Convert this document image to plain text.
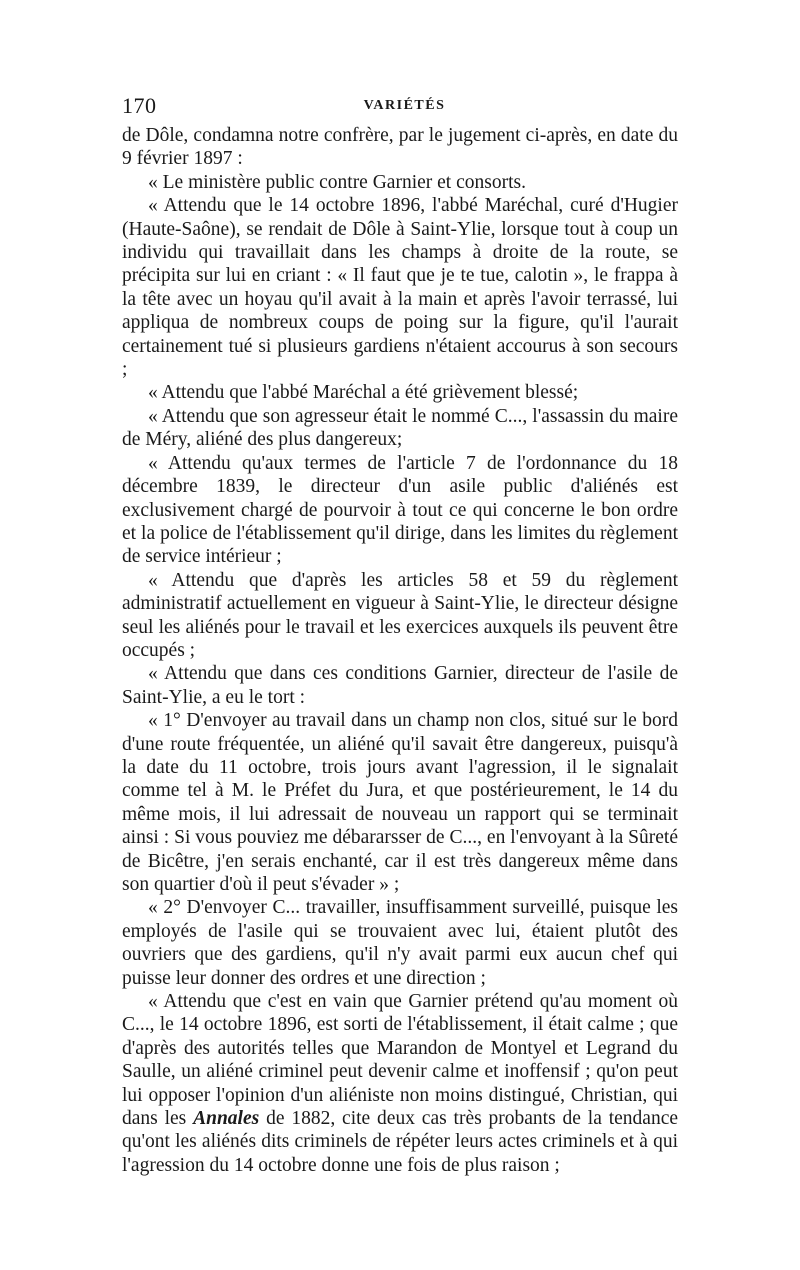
170	VARIÉTÉS

de Dôle, condamna notre confrère, par le jugement ci-après, en date du 9 février 1897 :

« Le ministère public contre Garnier et consorts.

« Attendu que le 14 octobre 1896, l'abbé Maréchal, curé d'Hugier (Haute-Saône), se rendait de Dôle à Saint-Ylie, lorsque tout à coup un individu qui travaillait dans les champs à droite de la route, se précipita sur lui en criant : « Il faut que je te tue, calotin », le frappa à la tête avec un hoyau qu'il avait à la main et après l'avoir terrassé, lui appliqua de nombreux coups de poing sur la figure, qu'il l'aurait certainement tué si plusieurs gardiens n'étaient accourus à son secours ;

« Attendu que l'abbé Maréchal a été grièvement blessé;

« Attendu que son agresseur était le nommé C..., l'assassin du maire de Méry, aliéné des plus dangereux;

« Attendu qu'aux termes de l'article 7 de l'ordonnance du 18 décembre 1839, le directeur d'un asile public d'aliénés est exclusivement chargé de pourvoir à tout ce qui concerne le bon ordre et la police de l'établissement qu'il dirige, dans les limites du règlement de service intérieur ;

« Attendu que d'après les articles 58 et 59 du règlement administratif actuellement en vigueur à Saint-Ylie, le directeur désigne seul les aliénés pour le travail et les exercices auxquels ils peuvent être occupés ;

« Attendu que dans ces conditions Garnier, directeur de l'asile de Saint-Ylie, a eu le tort :

« 1° D'envoyer au travail dans un champ non clos, situé sur le bord d'une route fréquentée, un aliéné qu'il savait être dangereux, puisqu'à la date du 11 octobre, trois jours avant l'agression, il le signalait comme tel à M. le Préfet du Jura, et que postérieurement, le 14 du même mois, il lui adressait de nouveau un rapport qui se terminait ainsi : Si vous pouviez me débararsser de C..., en l'envoyant à la Sûreté de Bicêtre, j'en serais enchanté, car il est très dangereux même dans son quartier d'où il peut s'évader » ;

« 2° D'envoyer C... travailler, insuffisamment surveillé, puisque les employés de l'asile qui se trouvaient avec lui, étaient plutôt des ouvriers que des gardiens, qu'il n'y avait parmi eux aucun chef qui puisse leur donner des ordres et une direction ;

« Attendu que c'est en vain que Garnier prétend qu'au moment où C..., le 14 octobre 1896, est sorti de l'établissement, il était calme ; que d'après des autorités telles que Marandon de Montyel et Legrand du Saulle, un aliéné criminel peut devenir calme et inoffensif ; qu'on peut lui opposer l'opinion d'un aliéniste non moins distingué, Christian, qui dans les Annales de 1882, cite deux cas très probants de la tendance qu'ont les aliénés dits criminels de répéter leurs actes criminels et à qui l'agression du 14 octobre donne une fois de plus raison ;
